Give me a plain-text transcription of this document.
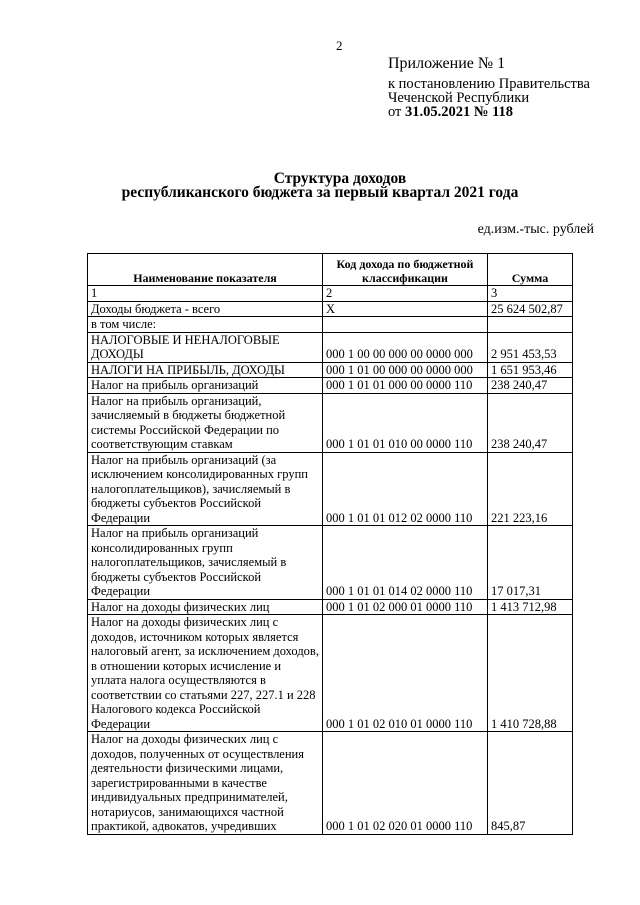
2
Приложение № 1
к постановлению Правительства
Чеченской Республики
от 31.05.2021 № 118
Структура доходов
республиканского бюджета за первый квартал 2021 года
ед.изм.-тыс. рублей
Наименование показателя	Код дохода по бюджетной классификации	Сумма
1	2	3
Доходы бюджета - всего	X	25 624 502,87
в том числе:		
НАЛОГОВЫЕ И НЕНАЛОГОВЫЕ ДОХОДЫ	000 1 00 00 000 00 0000 000	2 951 453,53
НАЛОГИ НА ПРИБЫЛЬ, ДОХОДЫ	000 1 01 00 000 00 0000 000	1 651 953,46
Налог на прибыль организаций	000 1 01 01 000 00 0000 110	238 240,47
Налог на прибыль организаций, зачисляемый в бюджеты бюджетной системы Российской Федерации по соответствующим ставкам	000 1 01 01 010 00 0000 110	238 240,47
Налог на прибыль организаций (за исключением консолидированных групп налогоплательщиков), зачисляемый в бюджеты субъектов Российской Федерации	000 1 01 01 012 02 0000 110	221 223,16
Налог на прибыль организаций консолидированных групп налогоплательщиков, зачисляемый в бюджеты субъектов Российской Федерации	000 1 01 01 014 02 0000 110	17 017,31
Налог на доходы физических лиц	000 1 01 02 000 01 0000 110	1 413 712,98
Налог на доходы физических лиц с доходов, источником которых является налоговый агент, за исключением доходов, в отношении которых исчисление и уплата налога осуществляются в соответствии со статьями 227, 227.1 и 228 Налогового кодекса Российской Федерации	000 1 01 02 010 01 0000 110	1 410 728,88
Налог на доходы физических лиц с доходов, полученных от осуществления деятельности физическими лицами, зарегистрированными в качестве индивидуальных предпринимателей, нотариусов, занимающихся частной практикой, адвокатов, учредивших	000 1 01 02 020 01 0000 110	845,87
